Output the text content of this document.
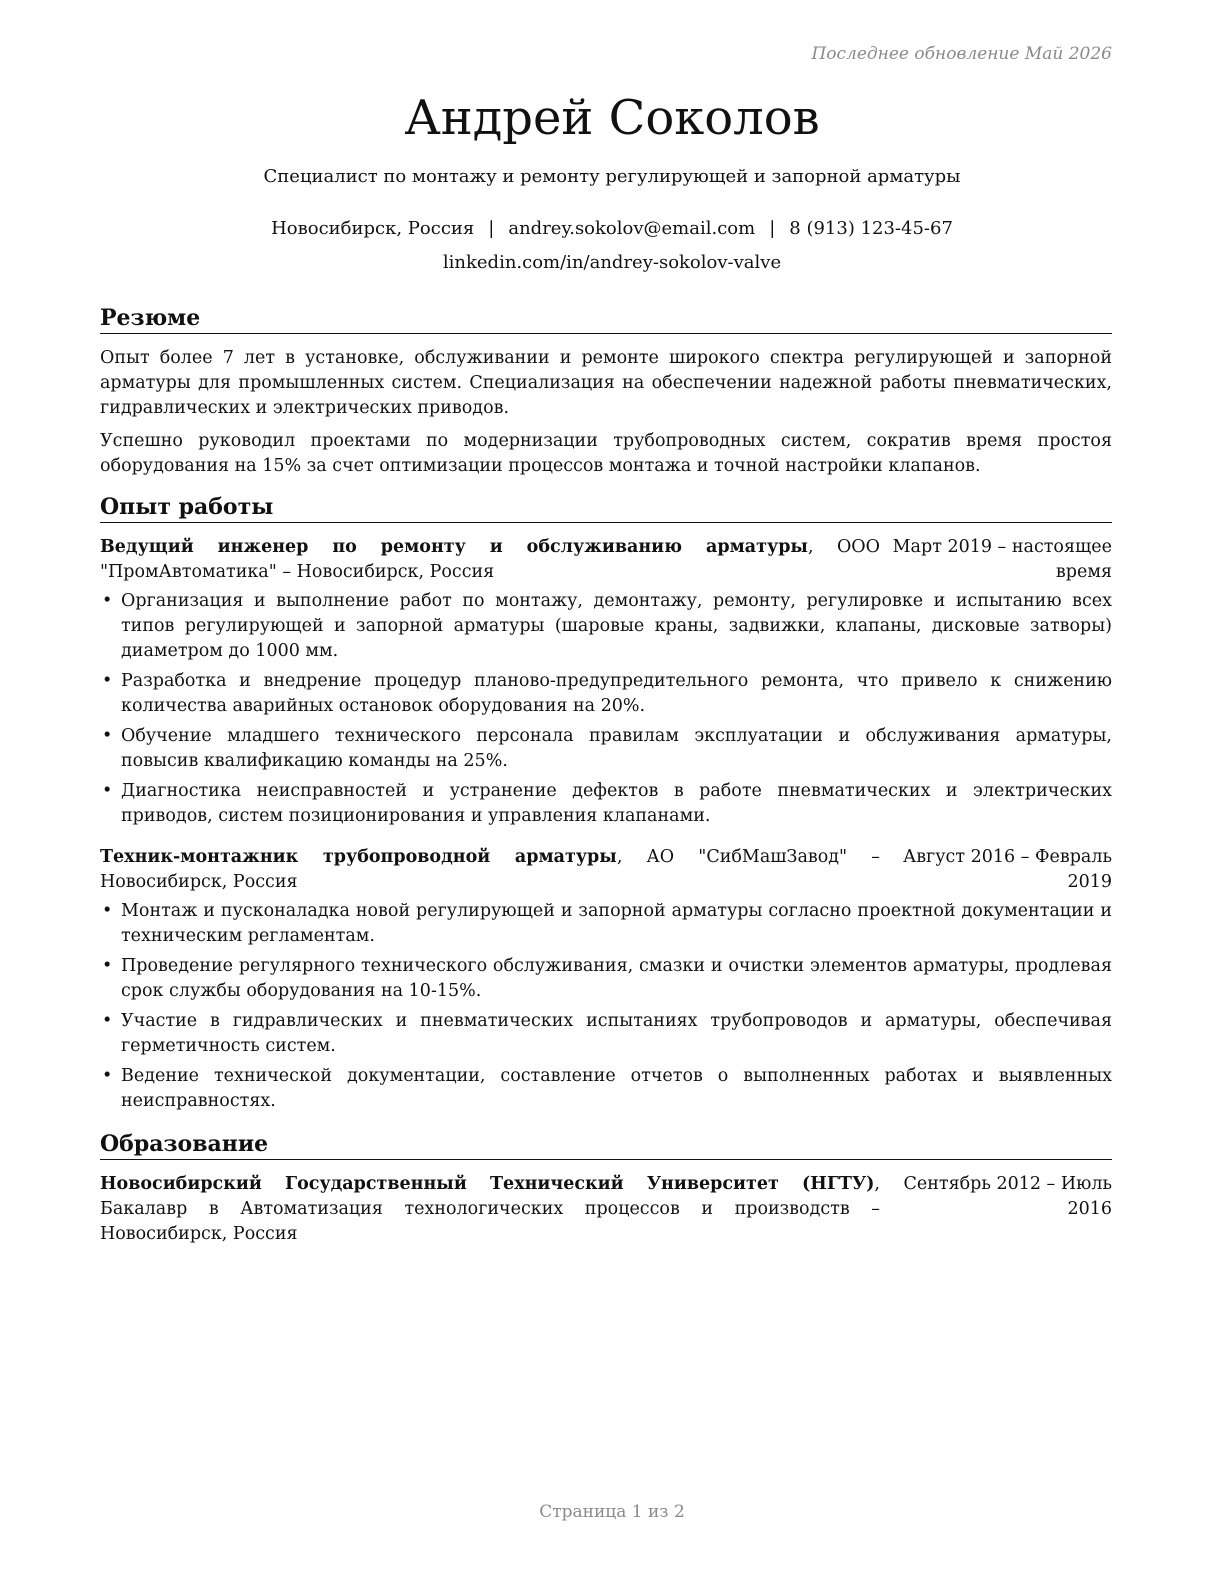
Последнее обновление Май 2026
Андрей Соколов
Специалист по монтажу и ремонту регулирующей и запорной арматуры
Новосибирск, Россия | andrey.sokolov@email.com | 8 (913) 123-45-67
linkedin.com/in/andrey-sokolov-valve
Резюме

Опыт более 7 лет в установке, обслуживании и ремонте широкого спектра регулирующей и запорной арматуры для промышленных систем. Специализация на обеспечении надежной работы пневматических, гидравлических и электрических приводов.

Успешно руководил проектами по модернизации трубопроводных систем, сократив время простоя оборудования на 15% за счет оптимизации процессов монтажа и точной настройки клапанов.

Опыт работы
Ведущий инженер по ремонту и обслуживанию арматуры, ООО "ПромАвтоматика" – Новосибирск, Россия
Март 2019 – настоящее время
• Организация и выполнение работ по монтажу, демонтажу, ремонту, регулировке и испытанию всех типов регулирующей и запорной арматуры (шаровые краны, задвижки, клапаны, дисковые затворы) диаметром до 1000 мм.
• Разработка и внедрение процедур планово-предупредительного ремонта, что привело к снижению количества аварийных остановок оборудования на 20%.
• Обучение младшего технического персонала правилам эксплуатации и обслуживания арматуры, повысив квалификацию команды на 25%.
• Диагностика неисправностей и устранение дефектов в работе пневматических и электрических приводов, систем позиционирования и управления клапанами.
Техник-монтажник трубопроводной арматуры, АО "СибМашЗавод" – Новосибирск, Россия
Август 2016 – Февраль 2019
• Монтаж и пусконаладка новой регулирующей и запорной арматуры согласно проектной документации и техническим регламентам.
• Проведение регулярного технического обслуживания, смазки и очистки элементов арматуры, продлевая срок службы оборудования на 10-15%.
• Участие в гидравлических и пневматических испытаниях трубопроводов и арматуры, обеспечивая герметичность систем.
• Ведение технической документации, составление отчетов о выполненных работах и выявленных неисправностях.
Образование
Новосибирский Государственный Технический Университет (НГТУ), Бакалавр в Автоматизация технологических процессов и производств – Новосибирск, Россия
Сентябрь 2012 – Июль 2016
Страница 1 из 2
